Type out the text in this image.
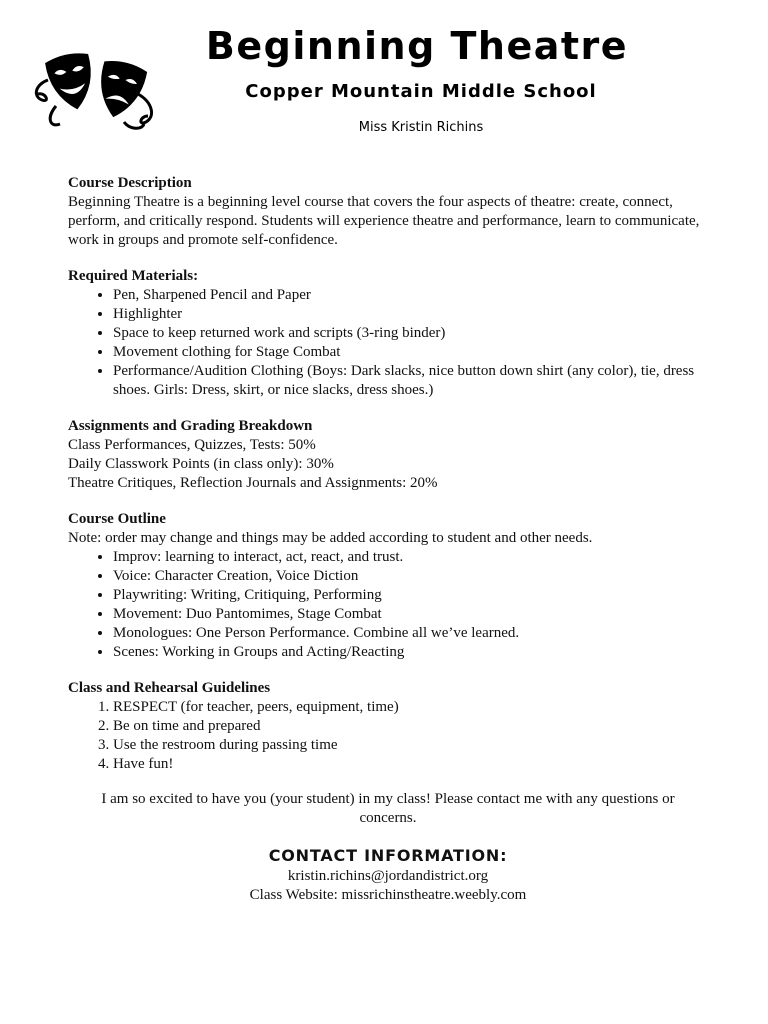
Beginning Theatre
Copper Mountain Middle School
Miss Kristin Richins

Course Description

Beginning Theatre is a beginning level course that covers the four aspects of theatre: create, connect, perform, and critically respond. Students will experience theatre and performance, learn to communicate, work in groups and promote self-confidence.

Required Materials:

• Pen, Sharpened Pencil and Paper
• Highlighter
• Space to keep returned work and scripts (3-ring binder)
• Movement clothing for Stage Combat
• Performance/Audition Clothing (Boys: Dark slacks, nice button down shirt (any color), tie, dress shoes. Girls: Dress, skirt, or nice slacks, dress shoes.)

Assignments and Grading Breakdown

Class Performances, Quizzes, Tests: 50%

Daily Classwork Points (in class only): 30%

Theatre Critiques, Reflection Journals and Assignments: 20%

Course Outline

Note: order may change and things may be added according to student and other needs.

• Improv: learning to interact, act, react, and trust.
• Voice: Character Creation, Voice Diction
• Playwriting: Writing, Critiquing, Performing
• Movement: Duo Pantomimes, Stage Combat
• Monologues: One Person Performance. Combine all we’ve learned.
• Scenes: Working in Groups and Acting/Reacting

Class and Rehearsal Guidelines

1. RESPECT (for teacher, peers, equipment, time)
2. Be on time and prepared
3. Use the restroom during passing time
4. Have fun!

I am so excited to have you (your student) in my class! Please contact me with any questions or concerns.

CONTACT INFORMATION:
kristin.richins@jordandistrict.org
Class Website: missrichinstheatre.weebly.com
